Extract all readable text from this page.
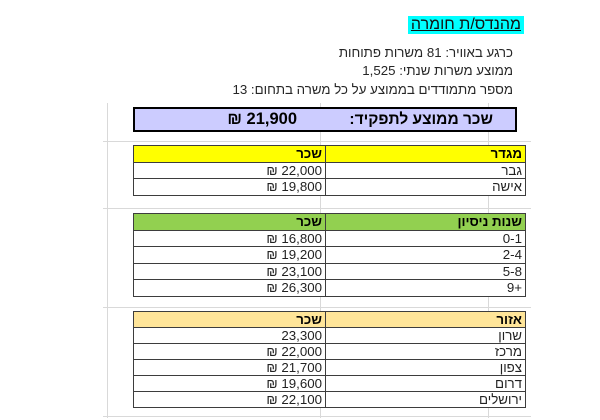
מהנדס/ת חומרה
כרגע באוויר: 81 משרות פתוחות
ממוצע משרות שנתי: 1,525
מספר מתמודדים בממוצע על כל משרה בתחום: 13
שכר ממוצע לתפקיד:
21,900 ₪
שכר	מגדר
22,000 ₪	גבר
19,800 ₪	אישה
שכר	שנות ניסיון
16,800 ₪	0-1
19,200 ₪	2-4
23,100 ₪	5-8
26,300 ₪	9+
שכר	אזור
23,300	שרון
22,000 ₪	מרכז
21,700 ₪	צפון
19,600 ₪	דרום
22,100 ₪	ירושלים
